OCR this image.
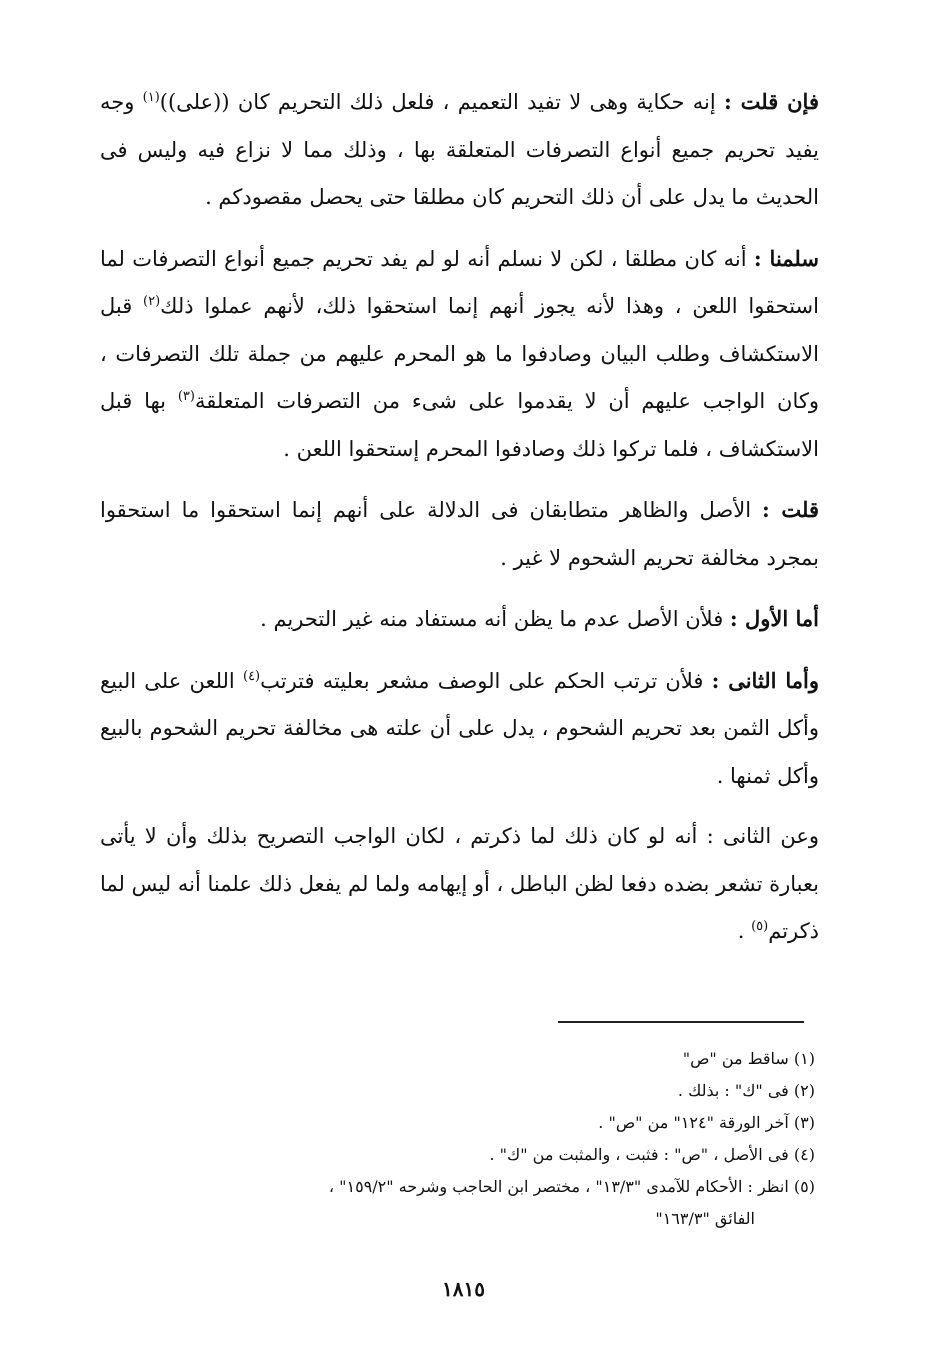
فإن قلت : إنه حكاية وهى لا تفيد التعميم ، فلعل ذلك التحريم كان ((على))$^{(١)}$ وجه يفيد تحريم جميع أنواع التصرفات المتعلقة بها ، وذلك مما لا نزاع فيه وليس فى الحديث ما يدل على أن ذلك التحريم كان مطلقا حتى يحصل مقصودكم .

سلمنا : أنه كان مطلقا ، لكن لا نسلم أنه لو لم يفد تحريم جميع أنواع التصرفات لما استحقوا اللعن ، وهذا لأنه يجوز أنهم إنما استحقوا ذلك، لأنهم عملوا ذلك$^{(٢)}$ قبل الاستكشاف وطلب البيان وصادفوا ما هو المحرم عليهم من جملة تلك التصرفات ، وكان الواجب عليهم أن لا يقدموا على شىء من التصرفات المتعلقة$^{(٣)}$ بها قبل الاستكشاف ، فلما تركوا ذلك وصادفوا المحرم إستحقوا اللعن .

قلت : الأصل والظاهر متطابقان فى الدلالة على أنهم إنما استحقوا ما استحقوا بمجرد مخالفة تحريم الشحوم لا غير .

أما الأول : فلأن الأصل عدم ما يظن أنه مستفاد منه غير التحريم .

وأما الثانى : فلأن ترتب الحكم على الوصف مشعر بعليته فترتب$^{(٤)}$ اللعن على البيع وأكل الثمن بعد تحريم الشحوم ، يدل على أن علته هى مخالفة تحريم الشحوم بالبيع وأكل ثمنها .

وعن الثانى : أنه لو كان ذلك لما ذكرتم ، لكان الواجب التصريح بذلك وأن لا يأتى بعبارة تشعر بضده دفعا لظن الباطل ، أو إيهامه ولما لم يفعل ذلك علمنا أنه ليس لما ذكرتم$^{(٥)}$ .

(١) ساقط من "ص"

(٢) فى "ك" : بذلك .

(٣) آخر الورقة "١٢٤" من "ص" .

(٤) فى الأصل ، "ص" : فثبت ، والمثبت من "ك" .

(٥) انظر : الأحكام للآمدى "١٣/٣" ، مختصر ابن الحاجب وشرحه "١٥٩/٢" ،

الفائق "١٦٣/٣"

١٨١٥
